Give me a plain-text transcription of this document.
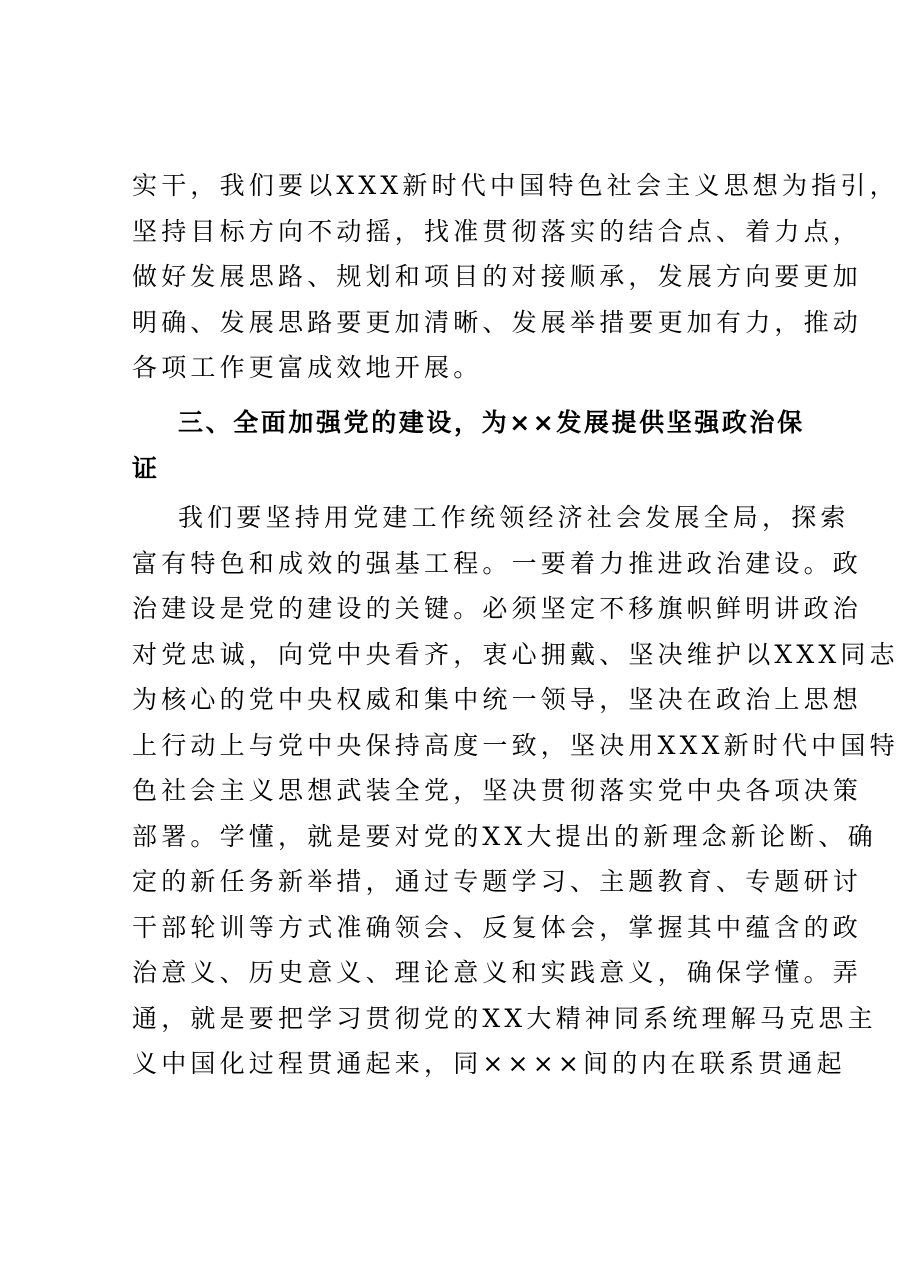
实干，我们要以XXX新时代中国特色社会主义思想为指引，
坚持目标方向不动摇，找准贯彻落实的结合点、着力点，
做好发展思路、规划和项目的对接顺承，发展方向要更加
明确、发展思路要更加清晰、发展举措要更加有力，推动
各项工作更富成效地开展。
三、全面加强党的建设，为××发展提供坚强政治保
证
我们要坚持用党建工作统领经济社会发展全局，探索
富有特色和成效的强基工程。一要着力推进政治建设。政
治建设是党的建设的关键。必须坚定不移旗帜鲜明讲政治
对党忠诚，向党中央看齐，衷心拥戴、坚决维护以XXX同志
为核心的党中央权威和集中统一领导，坚决在政治上思想
上行动上与党中央保持高度一致，坚决用XXX新时代中国特
色社会主义思想武装全党，坚决贯彻落实党中央各项决策
部署。学懂，就是要对党的XX大提出的新理念新论断、确
定的新任务新举措，通过专题学习、主题教育、专题研讨
干部轮训等方式准确领会、反复体会，掌握其中蕴含的政
治意义、历史意义、理论意义和实践意义，确保学懂。弄
通，就是要把学习贯彻党的XX大精神同系统理解马克思主
义中国化过程贯通起来，同××××间的内在联系贯通起
